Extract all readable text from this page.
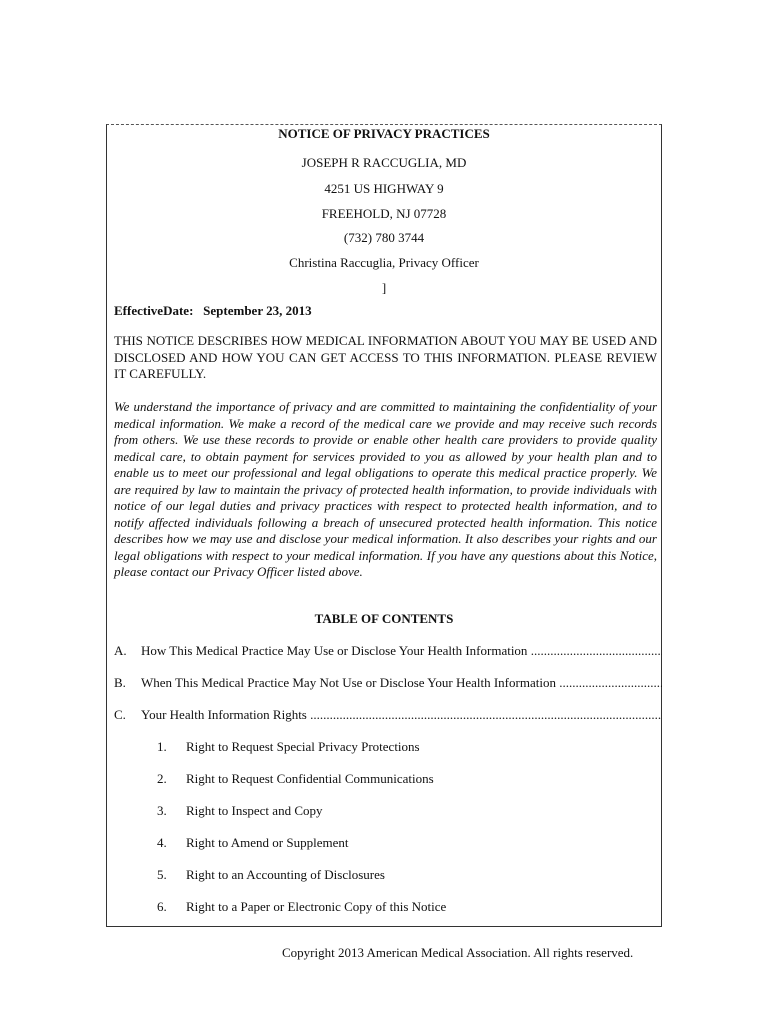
NOTICE OF PRIVACY PRACTICES
JOSEPH R RACCUGLIA, MD
4251 US HIGHWAY 9
FREEHOLD, NJ 07728
(732) 780 3744
Christina Raccuglia, Privacy Officer
]
EffectiveDate: September 23, 2013
THIS NOTICE DESCRIBES HOW MEDICAL INFORMATION ABOUT YOU MAY BE USED AND DISCLOSED AND HOW YOU CAN GET ACCESS TO THIS INFORMATION. PLEASE REVIEW IT CAREFULLY.
We understand the importance of privacy and are committed to maintaining the confidentiality of your medical information. We make a record of the medical care we provide and may receive such records from others. We use these records to provide or enable other health care providers to provide quality medical care, to obtain payment for services provided to you as allowed by your health plan and to enable us to meet our professional and legal obligations to operate this medical practice properly. We are required by law to maintain the privacy of protected health information, to provide individuals with notice of our legal duties and privacy practices with respect to protected health information, and to notify affected individuals following a breach of unsecured protected health information. This notice describes how we may use and disclose your medical information. It also describes your rights and our legal obligations with respect to your medical information. If you have any questions about this Notice, please contact our Privacy Officer listed above.
TABLE OF CONTENTS
A. How This Medical Practice May Use or Disclose Your Health Information .....
B. When This Medical Practice May Not Use or Disclose Your Health Information .....
C. Your Health Information Rights .....
1. Right to Request Special Privacy Protections
2. Right to Request Confidential Communications
3. Right to Inspect and Copy
4. Right to Amend or Supplement
5. Right to an Accounting of Disclosures
6. Right to a Paper or Electronic Copy of this Notice
Copyright 2013 American Medical Association. All rights reserved.
